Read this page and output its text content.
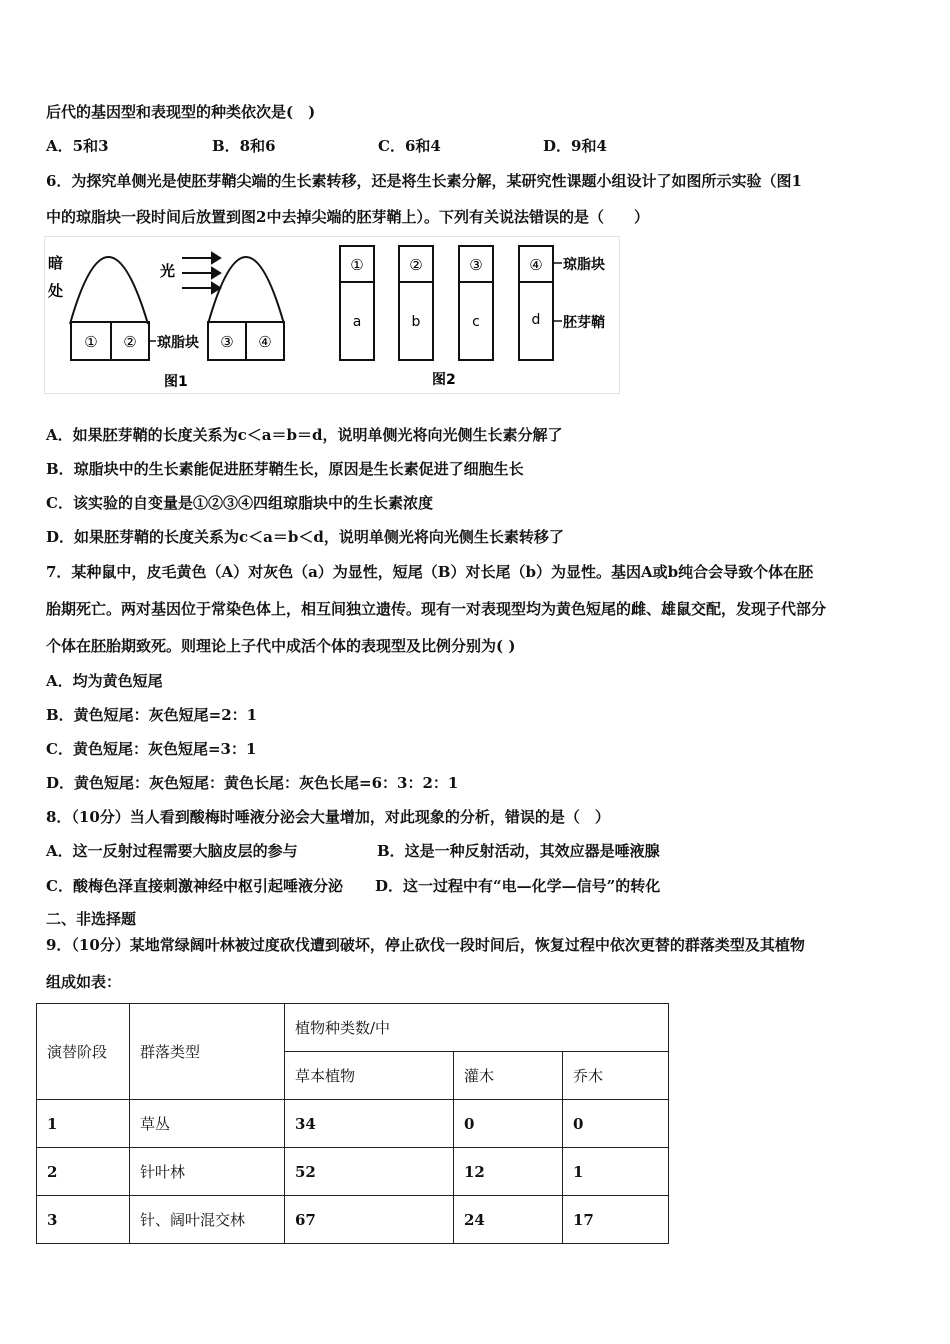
后代的基因型和表现型的种类依次是(　)
A．5和3	B．8和6	C．6和4	D．9和4
6．为探究单侧光是使胚芽鞘尖端的生长素转移，还是将生长素分解，某研究性课题小组设计了如图所示实验（图1
中的琼脂块一段时间后放置到图2中去掉尖端的胚芽鞘上）。下列有关说法错误的是（　　）
暗
处
① ② 琼脂块
光
③ ④
图1
①	②	③	④
a	b	c	d
琼脂块
胚芽鞘
图2
A．如果胚芽鞘的长度关系为c＜a＝b＝d，说明单侧光将向光侧生长素分解了
B．琼脂块中的生长素能促进胚芽鞘生长，原因是生长素促进了细胞生长
C．该实验的自变量是①②③④四组琼脂块中的生长素浓度
D．如果胚芽鞘的长度关系为c＜a＝b＜d，说明单侧光将向光侧生长素转移了
7．某种鼠中，皮毛黄色（A）对灰色（a）为显性，短尾（B）对长尾（b）为显性。基因A或b纯合会导致个体在胚
胎期死亡。两对基因位于常染色体上，相互间独立遗传。现有一对表现型均为黄色短尾的雌、雄鼠交配，发现子代部分
个体在胚胎期致死。则理论上子代中成活个体的表现型及比例分别为( )
A．均为黄色短尾
B．黄色短尾：灰色短尾=2：1
C．黄色短尾：灰色短尾=3：1
D．黄色短尾：灰色短尾：黄色长尾：灰色长尾=6：3：2：1
8．（10分）当人看到酸梅时唾液分泌会大量增加，对此现象的分析，错误的是（　）
A．这一反射过程需要大脑皮层的参与	B．这是一种反射活动，其效应器是唾液腺
C．酸梅色泽直接刺激神经中枢引起唾液分泌 D．这一过程中有“电—化学—信号”的转化
二、非选择题
9．（10分）某地常绿阔叶林被过度砍伐遭到破坏，停止砍伐一段时间后，恢复过程中依次更替的群落类型及其植物
组成如表：
演替阶段	群落类型	植物种类数/中		
		草本植物	灌木	乔木
1	草丛	34	0	0
2	针叶林	52	12	1
3	针、阔叶混交林	67	24	17
